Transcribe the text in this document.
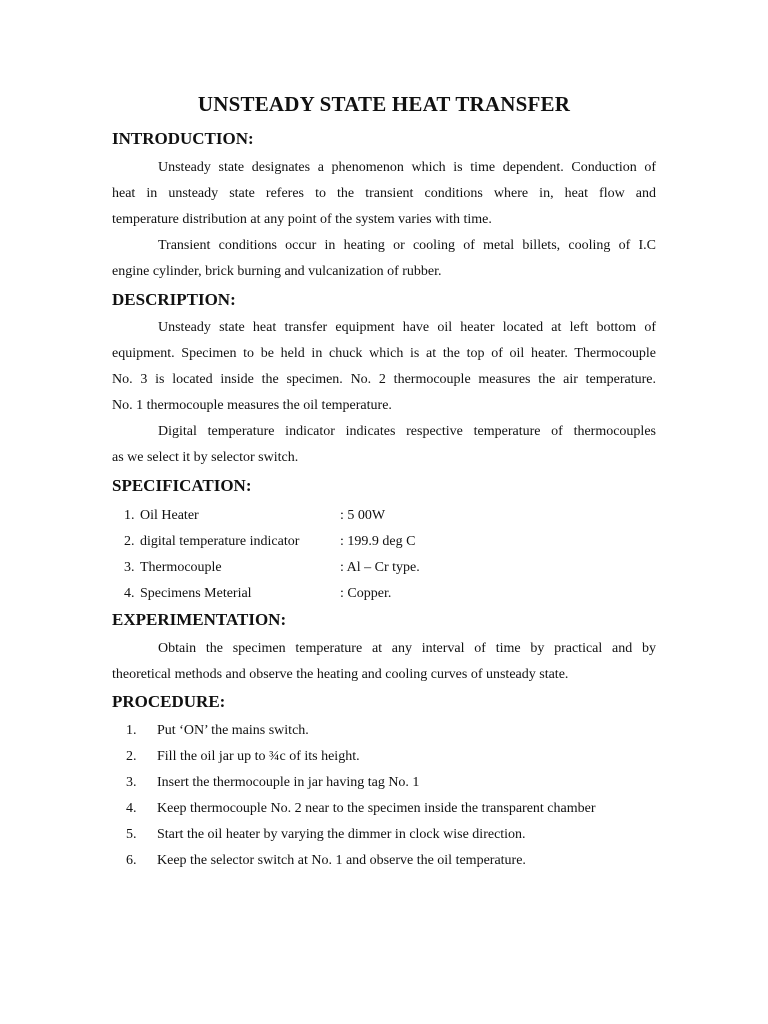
UNSTEADY STATE HEAT TRANSFER
INTRODUCTION:
Unsteady state designates a phenomenon which is time dependent. Conduction of
heat in unsteady state referes to the transient conditions where in, heat flow and
temperature distribution at any point of the system varies with time.
Transient conditions occur in heating or cooling of metal billets, cooling of I.C
engine cylinder, brick burning and vulcanization of rubber.
DESCRIPTION:
Unsteady state heat transfer equipment have oil heater located at left bottom of
equipment. Specimen to be held in chuck which is at the top of oil heater. Thermocouple
No. 3 is located inside the specimen. No. 2 thermocouple measures the air temperature.
No. 1 thermocouple measures the oil temperature.
Digital temperature indicator indicates respective temperature of thermocouples
as we select it by selector switch.
SPECIFICATION:
1. Oil Heater	: 5 00W
2. digital temperature indicator	: 199.9 deg C
3. Thermocouple	: Al – Cr type.
4. Specimens Meterial	: Copper.
EXPERIMENTATION:
Obtain the specimen temperature at any interval of time by practical and by
theoretical methods and observe the heating and cooling curves of unsteady state.
PROCEDURE:
1. Put ‘ON’ the mains switch.
2. Fill the oil jar up to ¾c of its height.
3. Insert the thermocouple in jar having tag No. 1
4. Keep thermocouple No. 2 near to the specimen inside the transparent chamber
5. Start the oil heater by varying the dimmer in clock wise direction.
6. Keep the selector switch at No. 1 and observe the oil temperature.
